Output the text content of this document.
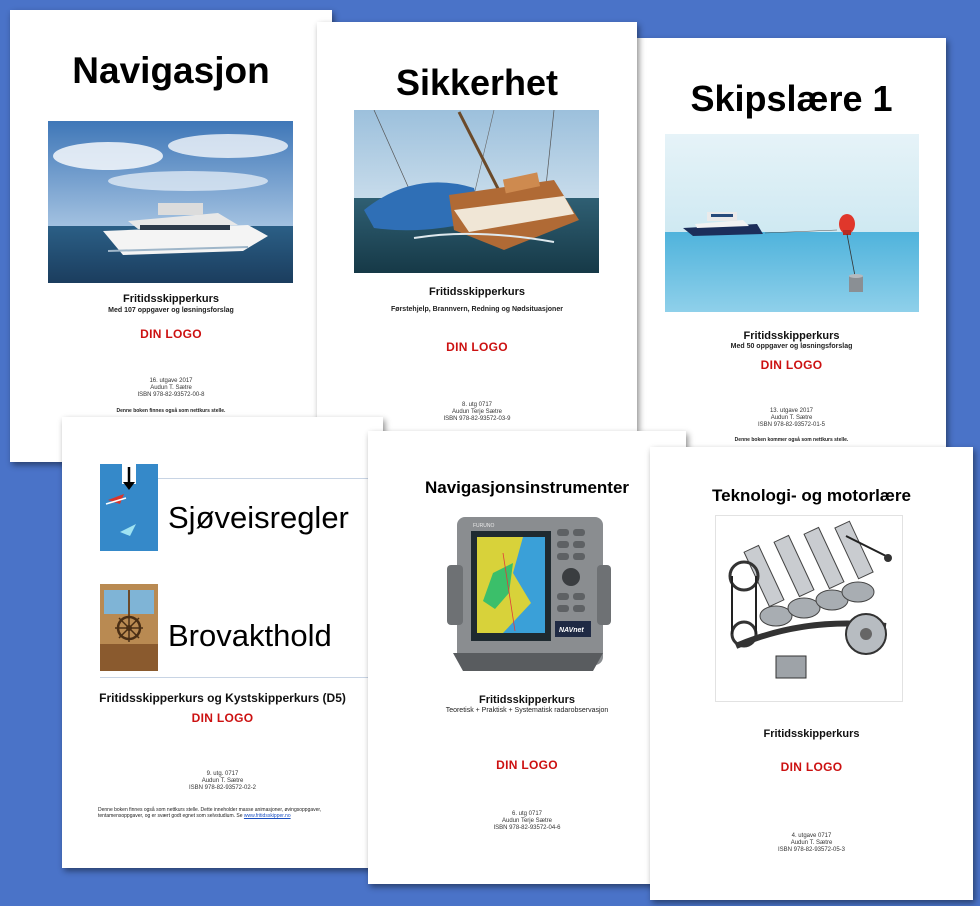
Navigasjon
Fritidsskipperkurs
Med 107 oppgaver og løsningsforslag
DIN LOGO
16. utgave 2017
Audun T. Sætre
ISBN 978-82-93572-00-8
Denne boken finnes også som nettkurs stelle.
Skipslære 1
Fritidsskipperkurs
Med 50 oppgaver og løsningsforslag
DIN LOGO
13. utgave 2017
Audun T. Sætre
ISBN 978-82-93572-01-5
Denne boken kommer også som nettkurs stelle.
Sikkerhet
Fritidsskipperkurs
Førstehjelp, Brannvern, Redning og Nødsituasjoner
DIN LOGO
8. utg 0717
Audun Terje Sætre
ISBN 978-82-93572-03-9
Sjøveisregler
Brovakthold
Fritidsskipperkurs og Kystskipperkurs (D5)
DIN LOGO
9. utg. 0717
Audun T. Sætre
ISBN 978-82-93572-02-2
Denne boken finnes også som nettkurs stelle. Dette inneholder masse animasjoner, øvingsoppgaver, tentamensoppgaver, og er svært godt egnet som selvstudium. Se www.fritidsskipper.no
Navigasjonsinstrumenter
FURUNO
NAVnet
Fritidsskipperkurs
Teoretisk + Praktisk + Systematisk radarobservasjon
DIN LOGO
6. utg 0717
Audun Terje Sætre
ISBN 978-82-93572-04-6
Teknologi- og motorlære
Fritidsskipperkurs
DIN LOGO
4. utgave 0717
Audun T. Sætre
ISBN 978-82-93572-05-3
